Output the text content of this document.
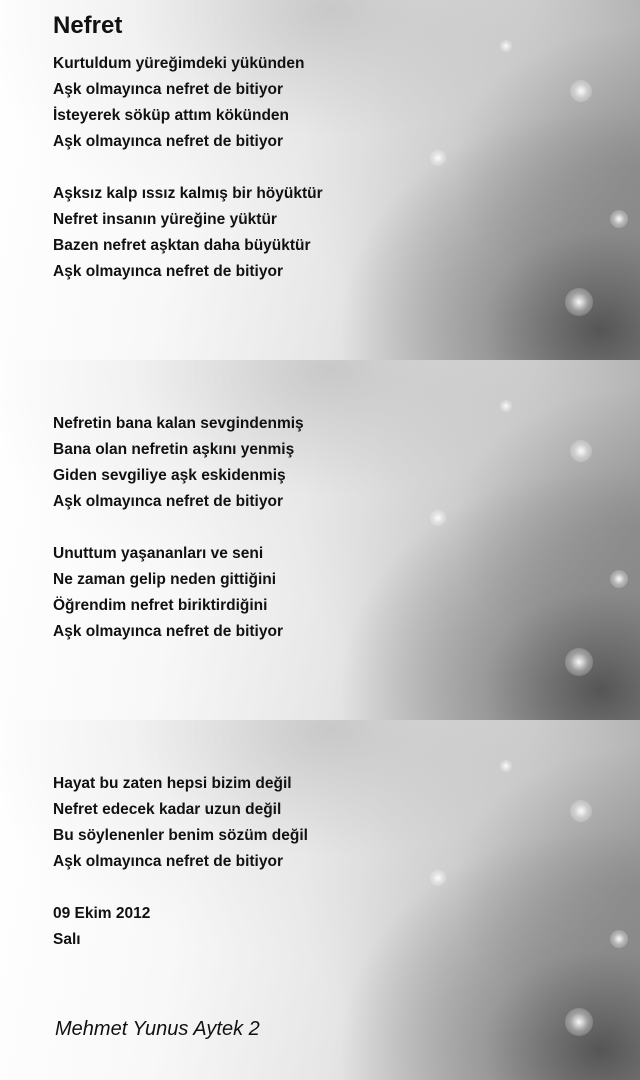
Nefret
Kurtuldum yüreğimdeki yükünden
Aşk olmayınca nefret de bitiyor
İsteyerek söküp attım kökünden
Aşk olmayınca nefret de bitiyor
Aşksız kalp ıssız kalmış bir höyüktür
Nefret insanın yüreğine yüktür
Bazen nefret aşktan daha büyüktür
Aşk olmayınca nefret de bitiyor
Nefretin bana kalan sevgindenmiş
Bana olan nefretin aşkını yenmiş
Giden sevgiliye aşk eskidenmiş
Aşk olmayınca nefret de bitiyor
Unuttum yaşananları ve seni
Ne zaman gelip neden gittiğini
Öğrendim nefret biriktirdiğini
Aşk olmayınca nefret de bitiyor
Hayat bu zaten hepsi bizim değil
Nefret edecek kadar uzun değil
Bu söylenenler benim sözüm değil
Aşk olmayınca nefret de bitiyor
09 Ekim 2012
Salı
Mehmet Yunus Aytek 2
